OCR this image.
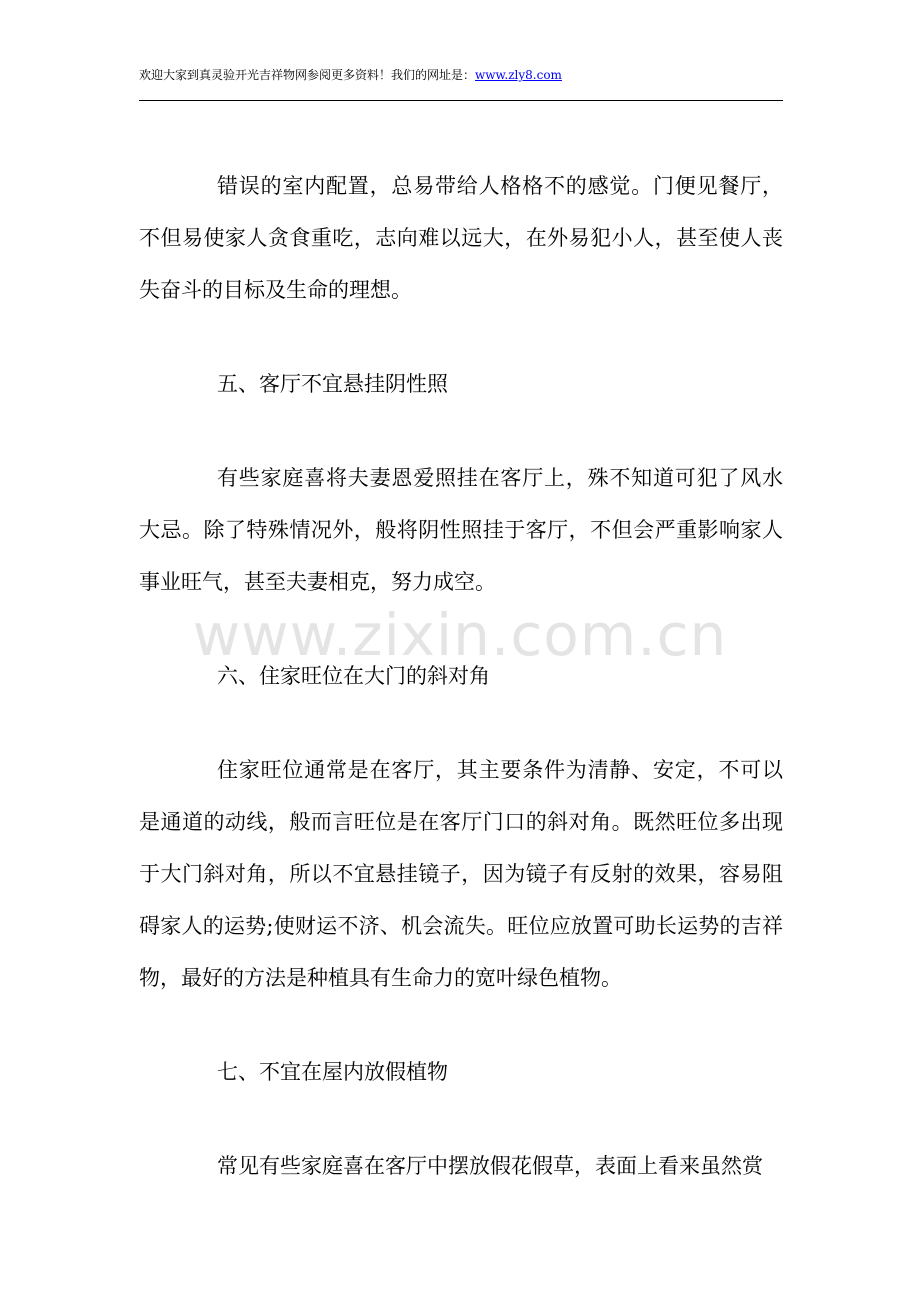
欢迎大家到真灵验开光吉祥物网参阅更多资料！我们的网址是：www.zly8.com
www.zixin.com.cn

错误的室内配置，总易带给人格格不的感觉。门便见餐厅，不但易使家人贪食重吃，志向难以远大，在外易犯小人，甚至使人丧失奋斗的目标及生命的理想。

五、客厅不宜悬挂阴性照

有些家庭喜将夫妻恩爱照挂在客厅上，殊不知道可犯了风水大忌。除了特殊情况外，般将阴性照挂于客厅，不但会严重影响家人事业旺气，甚至夫妻相克，努力成空。

六、住家旺位在大门的斜对角

住家旺位通常是在客厅，其主要条件为清静、安定，不可以是通道的动线，般而言旺位是在客厅门口的斜对角。既然旺位多出现于大门斜对角，所以不宜悬挂镜子，因为镜子有反射的效果，容易阻碍家人的运势;使财运不济、机会流失。旺位应放置可助长运势的吉祥物，最好的方法是种植具有生命力的宽叶绿色植物。

七、不宜在屋内放假植物

常见有些家庭喜在客厅中摆放假花假草，表面上看来虽然赏
